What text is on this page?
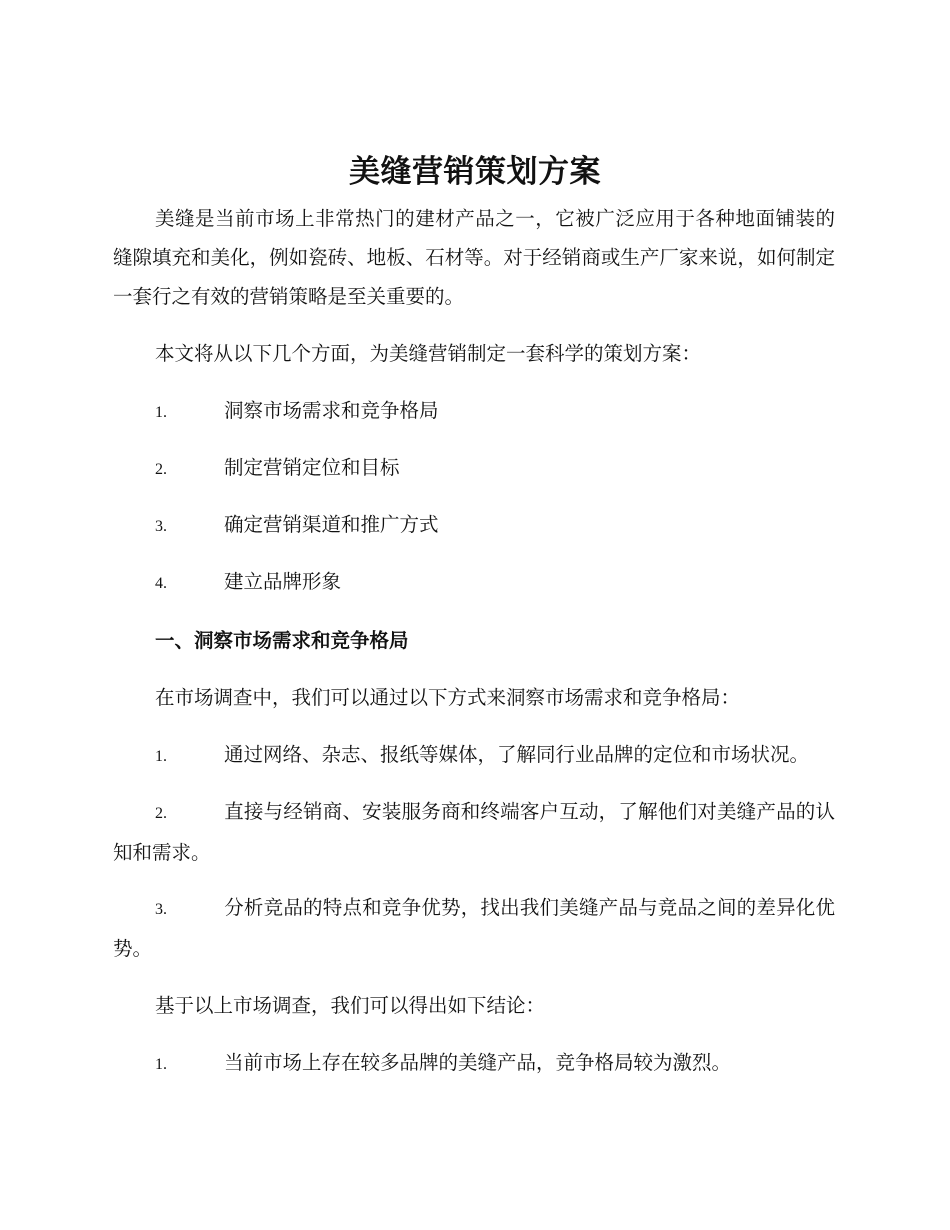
美缝营销策划方案

美缝是当前市场上非常热门的建材产品之一，它被广泛应用于各种地面铺装的缝隙填充和美化，例如瓷砖、地板、石材等。对于经销商或生产厂家来说，如何制定一套行之有效的营销策略是至关重要的。

本文将从以下几个方面，为美缝营销制定一套科学的策划方案：

1.	洞察市场需求和竞争格局
2.	制定营销定位和目标
3.	确定营销渠道和推广方式
4.	建立品牌形象
一、洞察市场需求和竞争格局

在市场调查中，我们可以通过以下方式来洞察市场需求和竞争格局：

1.	通过网络、杂志、报纸等媒体，了解同行业品牌的定位和市场状况。
2.	直接与经销商、安装服务商和终端客户互动，了解他们对美缝产品的认知和需求。
3.	分析竞品的特点和竞争优势，找出我们美缝产品与竞品之间的差异化优势。

基于以上市场调查，我们可以得出如下结论：

1.	当前市场上存在较多品牌的美缝产品，竞争格局较为激烈。
